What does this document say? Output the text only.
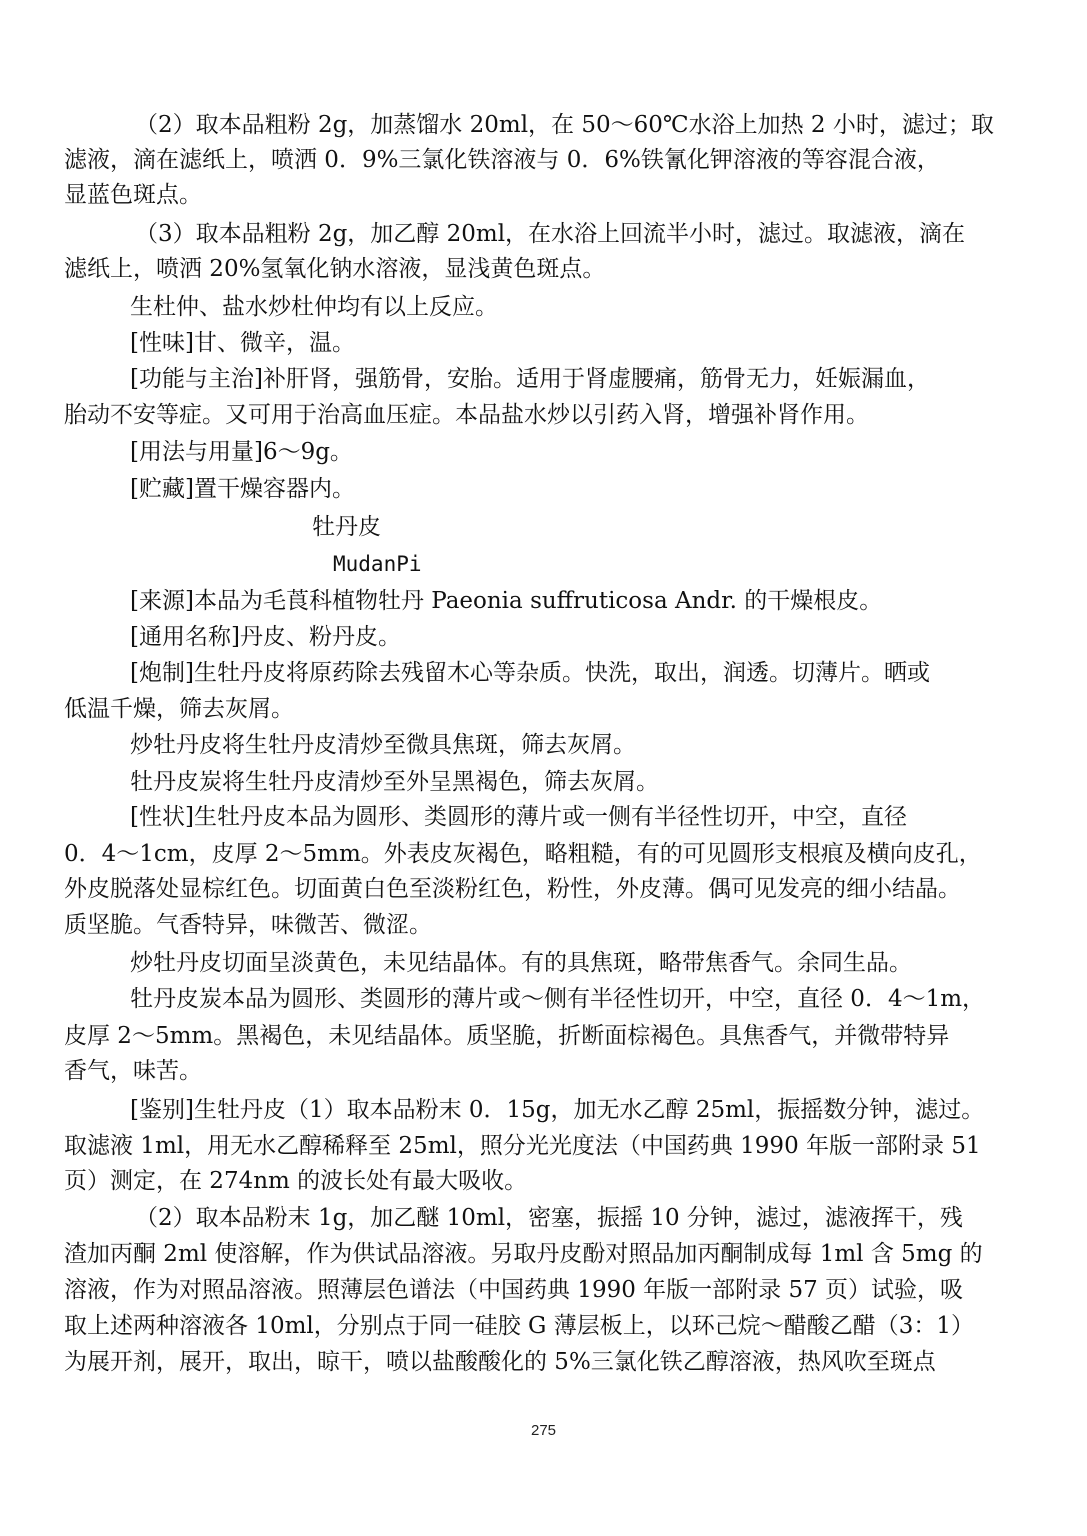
（2）取本品粗粉 2g，加蒸馏水 20ml，在 50～60℃水浴上加热 2 小时，滤过；取
滤液，滴在滤纸上，喷洒 0．9%三氯化铁溶液与 0．6%铁氰化钾溶液的等容混合液，
显蓝色斑点。
（3）取本品粗粉 2g，加乙醇 20ml，在水浴上回流半小时，滤过。取滤液，滴在
滤纸上，喷洒 20%氢氧化钠水溶液，显浅黄色斑点。
生杜仲、盐水炒杜仲均有以上反应。
[性味]甘、微辛，温。
[功能与主治]补肝肾，强筋骨，安胎。适用于肾虚腰痛，筋骨无力，妊娠漏血，
胎动不安等症。又可用于治高血压症。本品盐水炒以引药入肾，增强补肾作用。
[用法与用量]6～9g。
[贮藏]置干燥容器内。
牡丹皮
MudanPi
[来源]本品为毛莨科植物牡丹 Paeonia suffruticosa Andr. 的干燥根皮。
[通用名称]丹皮、粉丹皮。
[炮制]生牡丹皮将原药除去残留木心等杂质。快洗，取出，润透。切薄片。晒或
低温千燥，筛去灰屑。
炒牡丹皮将生牡丹皮清炒至微具焦斑，筛去灰屑。
牡丹皮炭将生牡丹皮清炒至外呈黑褐色，筛去灰屑。
[性状]生牡丹皮本品为圆形、类圆形的薄片或一侧有半径性切开，中空，直径
0．4～1cm，皮厚 2～5mm。外表皮灰褐色，略粗糙，有的可见圆形支根痕及横向皮孔，
外皮脱落处显棕红色。切面黄白色至淡粉红色，粉性，外皮薄。偶可见发亮的细小结晶。
质坚脆。气香特异，味微苦、微涩。
炒牡丹皮切面呈淡黄色，未见结晶体。有的具焦斑，略带焦香气。余同生品。
牡丹皮炭本品为圆形、类圆形的薄片或～侧有半径性切开，中空，直径 0．4～1m，
皮厚 2～5mm。黑褐色，未见结晶体。质坚脆，折断面棕褐色。具焦香气，并微带特异
香气，味苦。
[鉴别]生牡丹皮（1）取本品粉末 0．15g，加无水乙醇 25ml，振摇数分钟，滤过。
取滤液 1ml，用无水乙醇稀释至 25ml，照分光光度法（中国药典 1990 年版一部附录 51
页）测定，在 274nm 的波长处有最大吸收。
（2）取本品粉末 1g，加乙醚 10ml，密塞，振摇 10 分钟，滤过，滤液挥干，残
渣加丙酮 2ml 使溶解，作为供试品溶液。另取丹皮酚对照品加丙酮制成每 1ml 含 5mg 的
溶液，作为对照品溶液。照薄层色谱法（中国药典 1990 年版一部附录 57 页）试验，吸
取上述两种溶液各 10ml，分别点于同一硅胶 G 薄层板上，以环己烷～醋酸乙醋（3：1）
为展开剂，展开，取出，晾干，喷以盐酸酸化的 5%三氯化铁乙醇溶液，热风吹至斑点
275
